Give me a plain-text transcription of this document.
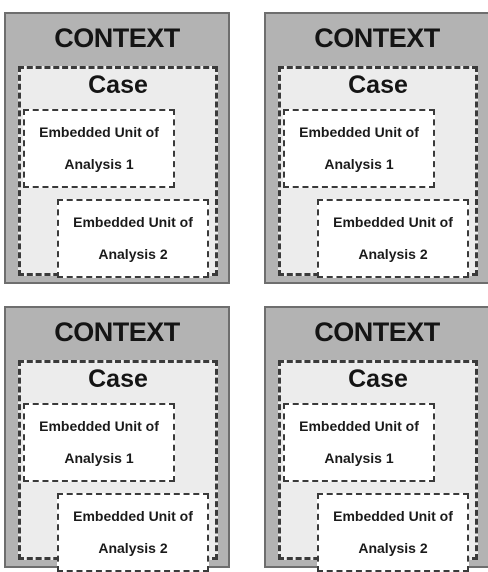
CONTEXT
Case
Embedded Unit of
Analysis 1
Embedded Unit of
Analysis 2
CONTEXT
Case
Embedded Unit of
Analysis 1
Embedded Unit of
Analysis 2
CONTEXT
Case
Embedded Unit of
Analysis 1
Embedded Unit of
Analysis 2
CONTEXT
Case
Embedded Unit of
Analysis 1
Embedded Unit of
Analysis 2
